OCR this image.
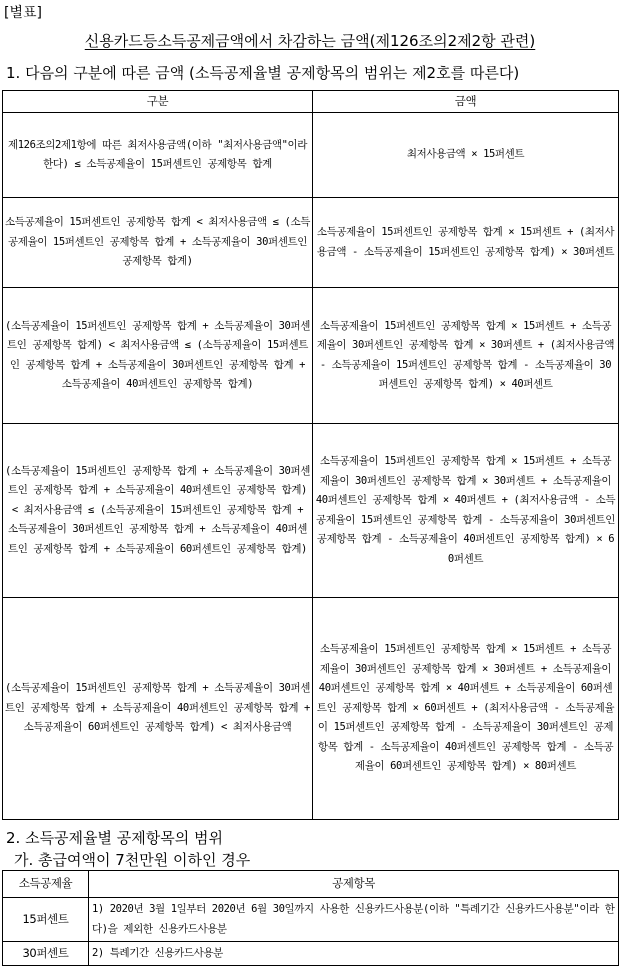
[별표]
신용카드등소득공제금액에서 차감하는 금액(제126조의2제2항 관련)
1. 다음의 구분에 따른 금액 (소득공제율별 공제항목의 범위는 제2호를 따른다)
구분	금액
제126조의2제1항에 따른 최저사용금액(이하 "최저사용금액"이라 한다) ≤ 소득공제율이 15퍼센트인 공제항목 합계	최저사용금액 × 15퍼센트
소득공제율이 15퍼센트인 공제항목 합계 < 최저사용금액 ≤ (소득공제율이 15퍼센트인 공제항목 합계 + 소득공제율이 30퍼센트인 공제항목 합계)	소득공제율이 15퍼센트인 공제항목 합계 × 15퍼센트 + (최저사용금액 - 소득공제율이 15퍼센트인 공제항목 합계) × 30퍼센트
(소득공제율이 15퍼센트인 공제항목 합계 + 소득공제율이 30퍼센트인 공제항목 합계) < 최저사용금액 ≤ (소득공제율이 15퍼센트인 공제항목 합계 + 소득공제율이 30퍼센트인 공제항목 합계 + 소득공제율이 40퍼센트인 공제항목 합계)	소득공제율이 15퍼센트인 공제항목 합계 × 15퍼센트 + 소득공제율이 30퍼센트인 공제항목 합계 × 30퍼센트 + (최저사용금액 - 소득공제율이 15퍼센트인 공제항목 합계 - 소득공제율이 30퍼센트인 공제항목 합계) × 40퍼센트
(소득공제율이 15퍼센트인 공제항목 합계 + 소득공제율이 30퍼센트인 공제항목 합계 + 소득공제율이 40퍼센트인 공제항목 합계) < 최저사용금액 ≤ (소득공제율이 15퍼센트인 공제항목 합계 + 소득공제율이 30퍼센트인 공제항목 합계 + 소득공제율이 40퍼센트인 공제항목 합계 + 소득공제율이 60퍼센트인 공제항목 합계)	소득공제율이 15퍼센트인 공제항목 합계 × 15퍼센트 + 소득공제율이 30퍼센트인 공제항목 합계 × 30퍼센트 + 소득공제율이 40퍼센트인 공제항목 합계 × 40퍼센트 + (최저사용금액 - 소득공제율이 15퍼센트인 공제항목 합계 - 소득공제율이 30퍼센트인 공제항목 합계 - 소득공제율이 40퍼센트인 공제항목 합계) × 60퍼센트
(소득공제율이 15퍼센트인 공제항목 합계 + 소득공제율이 30퍼센트인 공제항목 합계 + 소득공제율이 40퍼센트인 공제항목 합계 + 소득공제율이 60퍼센트인 공제항목 합계) < 최저사용금액	소득공제율이 15퍼센트인 공제항목 합계 × 15퍼센트 + 소득공제율이 30퍼센트인 공제항목 합계 × 30퍼센트 + 소득공제율이 40퍼센트인 공제항목 합계 × 40퍼센트 + 소득공제율이 60퍼센트인 공제항목 합계 × 60퍼센트 + (최저사용금액 - 소득공제율이 15퍼센트인 공제항목 합계 - 소득공제율이 30퍼센트인 공제항목 합계 - 소득공제율이 40퍼센트인 공제항목 합계 - 소득공제율이 60퍼센트인 공제항목 합계) × 80퍼센트
2. 소득공제율별 공제항목의 범위
가. 총급여액이 7천만원 이하인 경우
소득공제율	공제항목
15퍼센트	1) 2020년 3월 1일부터 2020년 6월 30일까지 사용한 신용카드사용분(이하 "특례기간 신용카드사용분"이라 한다)을 제외한 신용카드사용분
30퍼센트	2) 특례기간 신용카드사용분
